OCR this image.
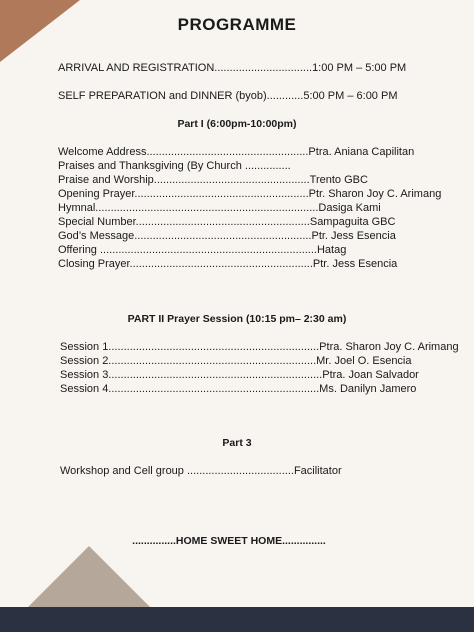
PROGRAMME
ARRIVAL AND REGISTRATION................................1:00 PM – 5:00 PM
SELF PREPARATION and DINNER (byob)............5:00 PM – 6:00 PM
Part I (6:00pm-10:00pm)
Welcome Address.....................................................Ptra. Aniana Capilitan
Praises and Thanksgiving (By Church ...............
Praise and Worship...................................................Trento GBC
Opening Prayer.........................................................Ptr. Sharon Joy C. Arimang
Hymnal.........................................................................Dasiga Kami
Special Number.........................................................Sampaguita GBC
God’s Message..........................................................Ptr. Jess Esencia
Offering .......................................................................Hatag
Closing Prayer............................................................Ptr. Jess Esencia
PART II Prayer Session (10:15 pm– 2:30 am)
Session 1.....................................................................Ptra. Sharon Joy C. Arimang
Session 2....................................................................Mr. Joel O. Esencia
Session 3......................................................................Ptra. Joan Salvador
Session 4.....................................................................Ms. Danilyn Jamero
Part 3
Workshop and Cell group ...................................Facilitator
...............HOME SWEET HOME...............
